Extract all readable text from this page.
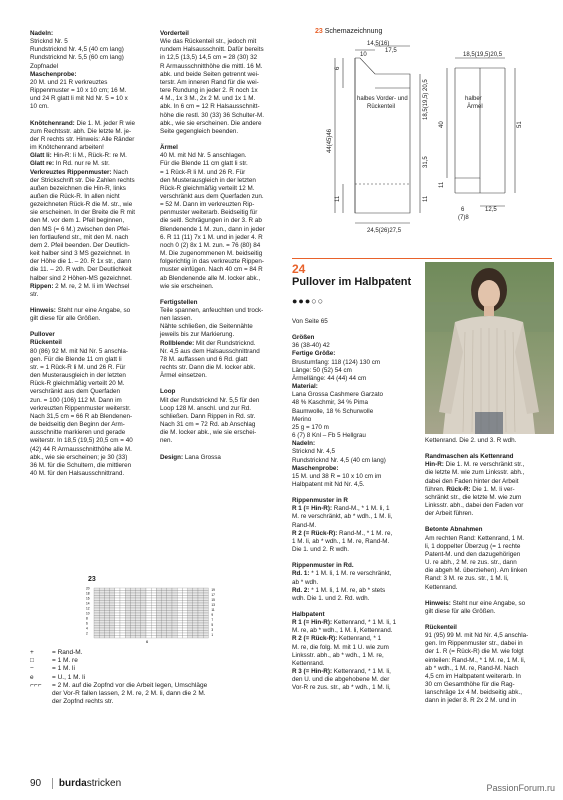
Nadeln:

Stricknd Nr. 5

Rundstricknd Nr. 4,5 (40 cm lang)

Rundstricknd Nr. 5,5 (60 cm lang)

Zopfnadel

Maschenprobe:

20 M. und 21 R verkreuztes

Rippenmuster = 10 x 10 cm; 16 M.

und 24 R glatt li mit Nd Nr. 5 = 10 x

10 cm.

Knötchenrand: Die 1. M. jeder R wie

zum Rechtsstr. abh. Die letzte M. je-

der R rechts str. Hinweis: Alle Ränder

im Knötchenrand arbeiten!

Glatt li: Hin-R: li M., Rück-R: re M.

Glatt re: In Rd. nur re M. str.

Verkreuztes Rippenmuster: Nach

der Strickschrift str. Die Zahlen rechts

außen bezeichnen die Hin-R, links

außen die Rück-R. In allen nicht

gezeichneten Rück-R die M. str., wie

sie erscheinen. In der Breite die R mit

den M. vor dem 1. Pfeil beginnen,

den MS (= 6 M.) zwischen den Pfei-

len fortlaufend str., mit den M. nach

dem 2. Pfeil beenden. Der Deutlich-

keit halber sind 3 MS gezeichnet. In

der Höhe die 1. – 20. R 1x str., dann

die 11. – 20. R wdh. Der Deutlichkeit

halber sind 2 Höhen-MS gezeichnet.

Rippen: 2 M. re, 2 M. li im Wechsel

str.

Hinweis: Steht nur eine Angabe, so

gilt diese für alle Größen.

Pullover

Rückenteil

80 (86) 92 M. mit Nd Nr. 5 anschla-

gen. Für die Blende 11 cm glatt li

str. = 1 Rück-R li M. und 26 R. Für

den Musterausgleich in der letzten

Rück-R gleichmäßig verteilt 20 M.

verschränkt aus dem Querfaden

zun. = 100 (106) 112 M. Dann im

verkreuzten Rippenmuster weiterstr.

Nach 31,5 cm = 66 R ab Blendenen-

de beidseitig den Beginn der Arm-

ausschnitte markieren und gerade

weiterstr. In 18,5 (19,5) 20,5 cm = 40

(42) 44 R Armausschnitthöhe alle M.

abk., wie sie erscheinen; je 30 (33)

36 M. für die Schultern, die mittleren

40 M. für den Halsausschnittrand.

Vorderteil

Wie das Rückenteil str., jedoch mit

rundem Halsausschnitt. Dafür bereits

in 12,5 (13,5) 14,5 cm = 28 (30) 32

R Armausschnitthöhe die mittl. 16 M.

abk. und beide Seiten getrennt wei-

terstr. Am inneren Rand für die wei-

tere Rundung in jeder 2. R noch 1x

4 M., 1x 3 M., 2x 2 M. und 1x 1 M.

abk. In 6 cm = 12 R Halsausschnitt-

höhe die restl. 30 (33) 36 Schulter-M.

abk., wie sie erscheinen. Die andere

Seite gegengleich beenden.

Ärmel

40 M. mit Nd Nr. 5 anschlagen.

Für die Blende 11 cm glatt li str.

= 1 Rück-R li M. und 26 R. Für

den Musterausgleich in der letzten

Rück-R gleichmäßig verteilt 12 M.

verschränkt aus dem Querfaden zun.

= 52 M. Dann im verkreuzten Rip-

penmuster weiterarb. Beidseitig für

die seitl. Schrägungen in der 3. R ab

Blendenende 1 M. zun., dann in jeder

6. R 11 (11) 7x 1 M. und in jeder 4. R

noch 0 (2) 8x 1 M. zun. = 76 (80) 84

M. Die zugenommenen M. beidseitig

folgerichtig in das verkreuzte Rippen-

muster einfügen. Nach 40 cm = 84 R

ab Blendenende alle M. locker abk.,

wie sie erscheinen.

Fertigstellen

Teile spannen, anfeuchten und trock-

nen lassen.

Nähte schließen, die Seitennähte

jeweils bis zur Markierung.

Rollblende: Mit der Rundstricknd.

Nr. 4,5 aus dem Halsausschnittrand

78 M. auffassen und 6 Rd. glatt

rechts str. Dann die M. locker abk.

Ärmel einsetzen.

Loop

Mit der Rundstricknd Nr. 5,5 für den

Loop 128 M. anschl. und zur Rd.

schließen. Dann Rippen in Rd. str.

Nach 31 cm = 72 Rd. ab Anschlag

die M. locker abk., wie sie erschei-

nen.

Design: Lana Grossa

Von Seite 65

Größen

36 (38-40) 42

Fertige Größe:

Brustumfang: 118 (124) 130 cm

Länge: 50 (52) 54 cm

Ärmellänge: 44 (44) 44 cm

Material:

Lana Grossa Cashmere Garzato

48 % Kaschmir, 34 % Pima

Baumwolle, 18 % Schurwolle

Merino

25 g = 170 m

6 (7) 8 Knl – Fb 5 Hellgrau

Nadeln:

Stricknd Nr. 4,5

Rundstricknd Nr. 4,5 (40 cm lang)

Maschenprobe:

15 M. und 38 R = 10 x 10 cm im

Halbpatent mit Nd Nr. 4,5.

Rippenmuster in R

R 1 (= Hin-R): Rand-M., * 1 M. li, 1

M. re verschränkt, ab * wdh., 1 M. li,

Rand-M.

R 2 (= Rück-R): Rand-M., * 1 M. re,

1 M. li, ab * wdh., 1 M. re, Rand-M.

Die 1. und 2. R wdh.

Rippenmuster in Rd.

Rd. 1: * 1 M. li, 1 M. re verschränkt,

ab * wdh.

Rd. 2: * 1 M. li, 1 M. re, ab * stets

wdh. Die 1. und 2. Rd. wdh.

Halbpatent

R 1 (= Hin-R): Kettenrand, * 1 M. li, 1

M. re, ab * wdh., 1 M. li, Kettenrand.

R 2 (= Rück-R): Kettenrand, * 1

M. re, die folg. M. mit 1 U. wie zum

Linksstr. abh., ab * wdh., 1 M. re,

Kettenrand.

R 3 (= Hin-R): Kettenrand, * 1 M. li,

den U. und die abgehobene M. der

Vor-R re zus. str., ab * wdh., 1 M. li,

Kettenrand. Die 2. und 3. R wdh.

Randmaschen als Kettenrand

Hin-R: Die 1. M. re verschränkt str.,

die letzte M. wie zum Linksstr. abh.,

dabei den Faden hinter der Arbeit

führen. Rück-R: Die 1. M. li ver-

schränkt str., die letzte M. wie zum

Linksstr. abh., dabei den Faden vor

der Arbeit führen.

Betonte Abnahmen

Am rechten Rand: Kettenrand, 1 M.

li, 1 doppelter Überzug (= 1 rechte

Patent-M. und den dazugehörigen

U. re abh., 2 M. re zus. str., dann

die abgeh M. überziehen). Am linken

Rand: 3 M. re zus. str., 1 M. li,

Kettenrand.

Hinweis: Steht nur eine Angabe, so

gilt diese für alle Größen.

Rückenteil

91 (95) 99 M. mit Nd Nr. 4,5 anschla-

gen. Im Rippenmuster str., dabei in

der 1. R (= Rück-R) die M. wie folgt

einteilen: Rand-M., * 1 M. re, 1 M. li,

ab * wdh., 1 M. re, Rand-M. Nach

4,5 cm im Halbpatent weiterarb. In

30 cm Gesamthöhe für die Rag-

lanschräge 1x 4 M. beidseitig abk.,

dann in jeder 8. R 2x 2 M. und in

23 Schemazeichnung
14,5(16)
17,5
10
6
44(45)46
11
18,5(19,5) 20,5
31,5
11
halbes Vorder- und
Rückenteil
24,5(26)27,5
18,5(19,5)20,5
halber
Ärmel
40	51
11
6
(7)8
12,5
24
Pullover im Halbpatent
●●●○○
23
19
17
15
13
11
9
7
5
3
1
20
18
16
14
12
10
8
6
4
2
6
+	= Rand-M.
□	= 1 M. re
−	= 1 M. li
e	= U., 1 M. li
⌐⌐⌐	= 2 M. auf die Zopfnd vor die Arbeit legen, Umschläge
der Vor-R fallen lassen, 2 M. re, 2 M. li, dann die 2 M.
der Zopfnd rechts str.
90 burdastricken	PassionForum.ru
